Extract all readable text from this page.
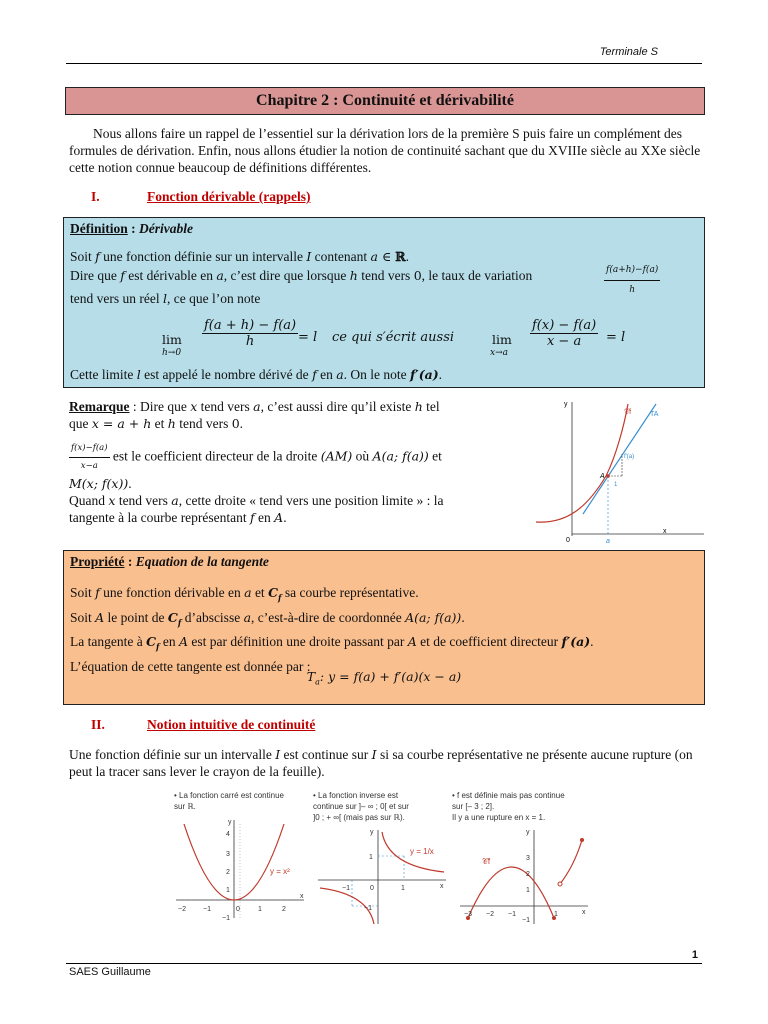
Terminale S
Chapitre 2 : Continuité et dérivabilité
Nous allons faire un rappel de l’essentiel sur la dérivation lors de la première S puis faire un complément des formules de dérivation. Enfin, nous allons étudier la notion de continuité sachant que du XVIIIe siècle au XXe siècle cette notion connue beaucoup de définitions différentes.
I.	Fonction dérivable (rappels)
Définition : Dérivable
Soit f une fonction définie sur un intervalle I contenant a ∈ ℝ.
Dire que f est dérivable en a, c’est dire que lorsque h tend vers 0, le taux de variation	$\frac{f(a+h)-f(a)}{h}$
tend vers un réel l, ce que l’on note
lim
h→0
$\frac{f(a + h) - f(a)}{h} = l$ ce qui s′écrit aussi	lim
x→a
$\frac{f(x) - f(a)}{x - a} = l$
Cette limite l est appelé le nombre dérivé de f en a. On le note f′(a).
Remarque : Dire que x tend vers a, c’est aussi dire qu’il existe h tel
que x = a + h et h tend vers 0.
$\frac{f(x)-f(a)}{x-a}$ est le coefficient directeur de la droite (AM) où A(a; f(a)) et
M(x; f(x)).
Quand x tend vers a, cette droite « tend vers une position limite » : la
tangente à la courbe représentant f en A.
y
x
0
A
a
1
f′(a)
𝒞f	TA
Propriété : Equation de la tangente
Soit f une fonction dérivable en a et $C_f$ sa courbe représentative.
Soit A le point de $C_f$ d’abscisse a, c’est-à-dire de coordonnée A(a; f(a)).
La tangente à $C_f$ en A est par définition une droite passant par A et de coefficient directeur f′(a).
L’équation de cette tangente est donnée par :
$T_a$: y = f(a) + f′(a)(x − a)
II.	Notion intuitive de continuité
Une fonction définie sur un intervalle I est continue sur I si sa courbe représentative ne présente aucune rupture (on peut la tracer sans lever le crayon de la feuille).
• La fonction carré est continue
sur ℝ.
y = x²
−2 −1	0	1	2
4
3
2
1
−1
y
x
• La fonction inverse est
continue sur ]– ∞ ; 0[ et sur
]0 ; + ∞[ (mais pas sur ℝ).
y = 1/x
y
x
1
0	1
−1
−1
• f est définie mais pas continue
sur [– 3 ; 2].
Il y a une rupture en x = 1.
𝒞f
y
x
3
2
1
−3 −2 −1	1
−1
1
SAES Guillaume
